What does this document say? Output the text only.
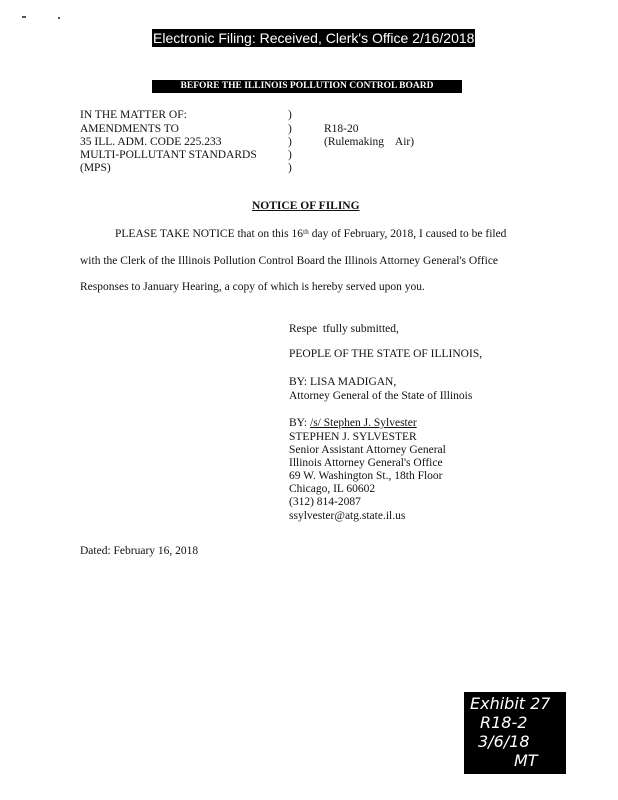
Electronic Filing: Received, Clerk's Office 2/16/2018
BEFORE THE ILLINOIS POLLUTION CONTROL BOARD
IN THE MATTER OF:
AMENDMENTS TO
35 ILL. ADM. CODE 225.233
MULTI-POLLUTANT STANDARDS
(MPS)
)
)
)
)
)
R18-20
(Rulemaking    Air)
NOTICE OF FILING
PLEASE TAKE NOTICE that on this 16ᵗʰ day of February, 2018, I caused to be filed
with the Clerk of the Illinois Pollution Control Board the Illinois Attorney General's Office
Responses to January Hearing, a copy of which is hereby served upon you.
Respe  tfully submitted,
PEOPLE OF THE STATE OF ILLINOIS,
BY: LISA MADIGAN,
Attorney General of the State of Illinois
BY: /s/ Stephen J. Sylvester
STEPHEN J. SYLVESTER
Senior Assistant Attorney General
Illinois Attorney General's Office
69 W. Washington St., 18th Floor
Chicago, IL 60602
(312) 814-2087
ssylvester@atg.state.il.us
Dated: February 16, 2018
Exhibit 27
R18-2
3/6/18
MT
